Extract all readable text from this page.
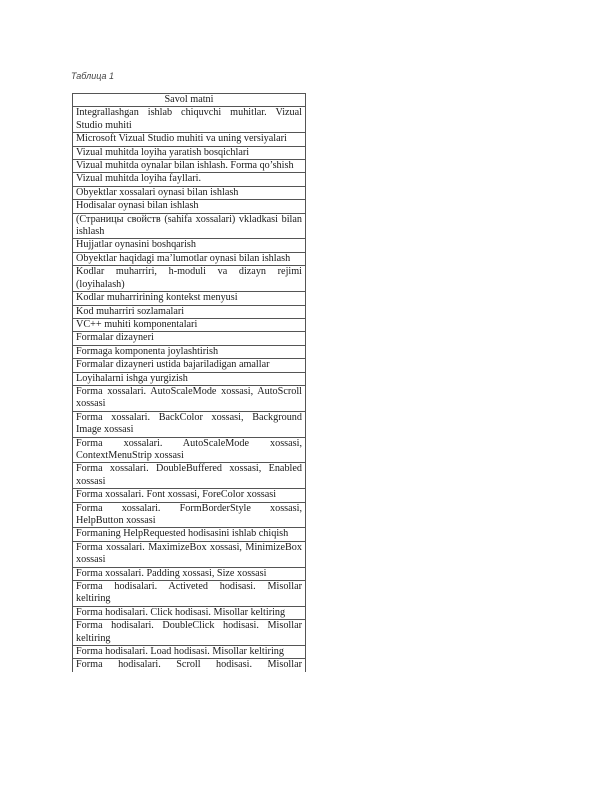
Таблица 1
Savol matni
Integrallashgan ishlab chiquvchi muhitlar. Vizual Studio muhiti
Microsoft Vizual Studio muhiti va uning versiyalari
Vizual muhitda loyiha yaratish bosqichlari
Vizual muhitda oynalar bilan ishlash. Forma qo’shish
Vizual muhitda loyiha fayllari.
Obyektlar xossalari oynasi bilan ishlash
Hodisalar oynasi bilan ishlash
(Страницы свойств (sahifa xossalari) vkladkasi bilan ishlash
Hujjatlar oynasini boshqarish
Obyektlar haqidagi ma’lumotlar oynasi bilan ishlash
Kodlar muharriri, h-moduli va dizayn rejimi (loyihalash)
Kodlar muharririning kontekst menyusi
Kod muharriri sozlamalari
VC++ muhiti komponentalari
Formalar dizayneri
Formaga komponenta joylashtirish
Formalar dizayneri ustida bajariladigan amallar
Loyihalarni ishga yurgizish
Forma xossalari. AutoScaleMode xossasi, AutoScroll xossasi
Forma xossalari. BackColor xossasi, Background Image xossasi
Forma xossalari. AutoScaleMode xossasi, ContextMenuStrip xossasi
Forma xossalari. DoubleBuffered xossasi, Enabled xossasi
Forma xossalari. Font xossasi, ForeColor xossasi
Forma xossalari. FormBorderStyle xossasi, HelpButton xossasi
Formaning HelpRequested hodisasini ishlab chiqish
Forma xossalari. MaximizeBox xossasi, MinimizeBox xossasi
Forma xossalari. Padding xossasi, Size xossasi
Forma hodisalari. Activeted hodisasi. Misollar keltiring
Forma hodisalari. Click hodisasi. Misollar keltiring
Forma hodisalari. DoubleClick hodisasi. Misollar keltiring
Forma hodisalari. Load hodisasi. Misollar keltiring

Forma hodisalari. Scroll hodisasi. Misollar
